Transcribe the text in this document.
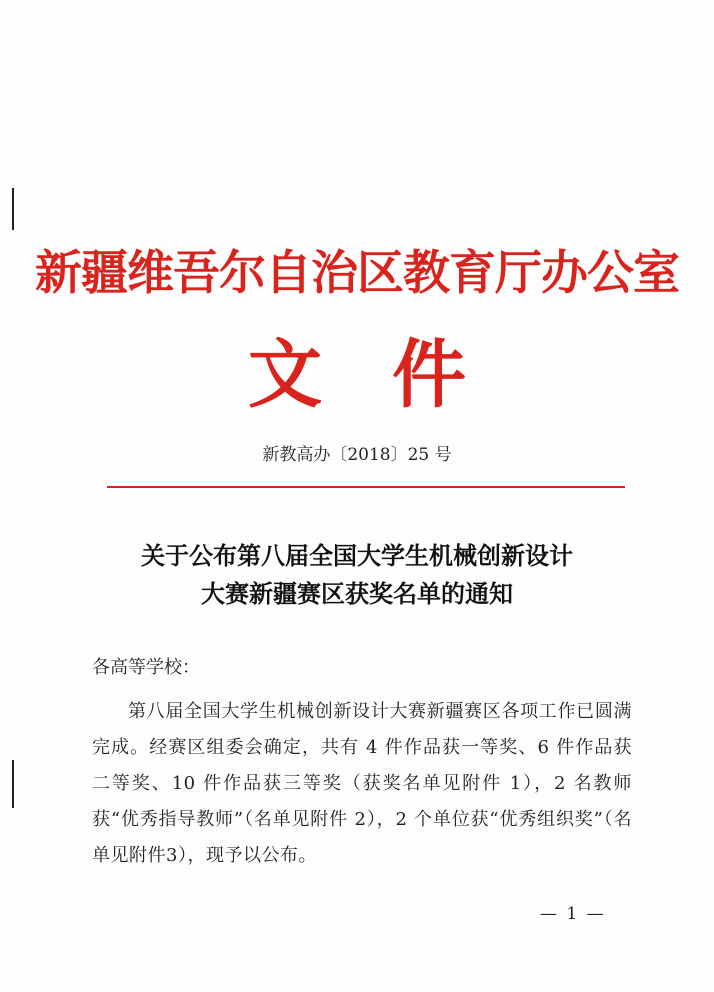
新疆维吾尔自治区教育厅办公室
文件
新教高办〔2018〕25 号
关于公布第八届全国大学生机械创新设计
大赛新疆赛区获奖名单的通知

各高等学校：

第八届全国大学生机械创新设计大赛新疆赛区各项工作已圆满完成。经赛区组委会确定，共有 4 件作品获一等奖、6 件作品获二等奖、10 件作品获三等奖（获奖名单见附件 1），2 名教师获“优秀指导教师”（名单见附件 2），2 个单位获“优秀组织奖”（名单见附件3），现予以公布。

— 1 —
